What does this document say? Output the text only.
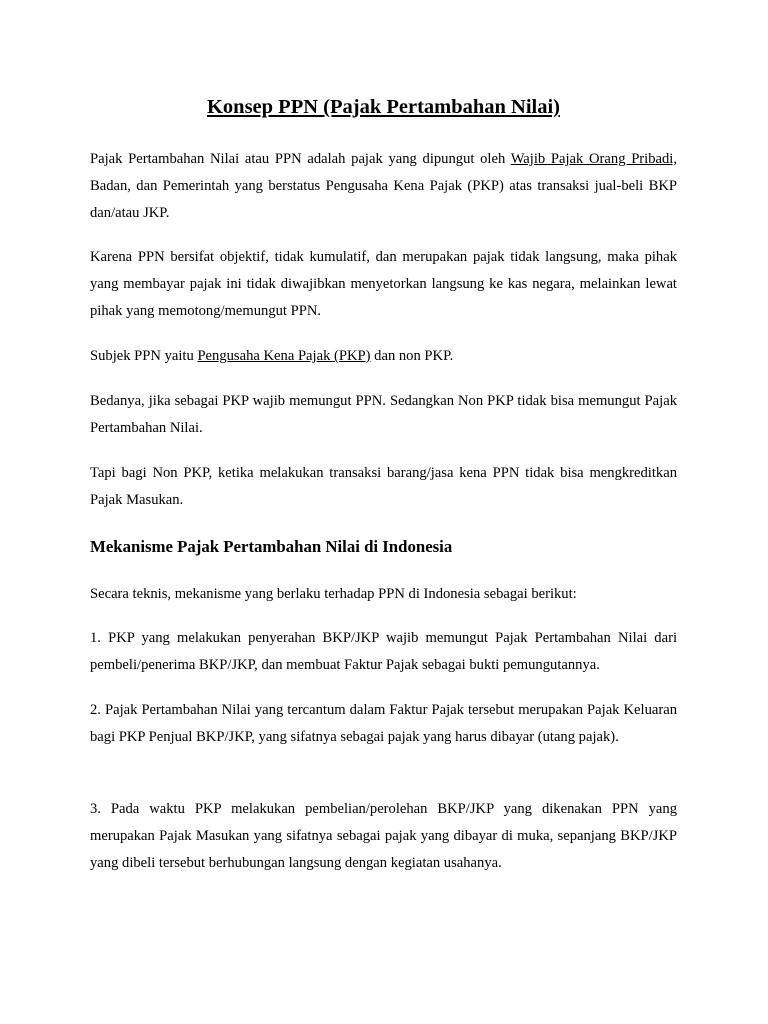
Konsep PPN (Pajak Pertambahan Nilai)

Pajak Pertambahan Nilai atau PPN adalah pajak yang dipungut oleh Wajib Pajak Orang Pribadi, Badan, dan Pemerintah yang berstatus Pengusaha Kena Pajak (PKP) atas transaksi jual-beli BKP dan/atau JKP.

Karena PPN bersifat objektif, tidak kumulatif, dan merupakan pajak tidak langsung, maka pihak yang membayar pajak ini tidak diwajibkan menyetorkan langsung ke kas negara, melainkan lewat pihak yang memotong/memungut PPN.

Subjek PPN yaitu Pengusaha Kena Pajak (PKP) dan non PKP.

Bedanya, jika sebagai PKP wajib memungut PPN. Sedangkan Non PKP tidak bisa memungut Pajak Pertambahan Nilai.

Tapi bagi Non PKP, ketika melakukan transaksi barang/jasa kena PPN tidak bisa mengkreditkan Pajak Masukan.

Mekanisme Pajak Pertambahan Nilai di Indonesia

Secara teknis, mekanisme yang berlaku terhadap PPN di Indonesia sebagai berikut:

1. PKP yang melakukan penyerahan BKP/JKP wajib memungut Pajak Pertambahan Nilai dari pembeli/penerima BKP/JKP, dan membuat Faktur Pajak sebagai bukti pemungutannya.

2. Pajak Pertambahan Nilai yang tercantum dalam Faktur Pajak tersebut merupakan Pajak Keluaran bagi PKP Penjual BKP/JKP, yang sifatnya sebagai pajak yang harus dibayar (utang pajak).

3. Pada waktu PKP melakukan pembelian/perolehan BKP/JKP yang dikenakan PPN yang merupakan Pajak Masukan yang sifatnya sebagai pajak yang dibayar di muka, sepanjang BKP/JKP yang dibeli tersebut berhubungan langsung dengan kegiatan usahanya.
